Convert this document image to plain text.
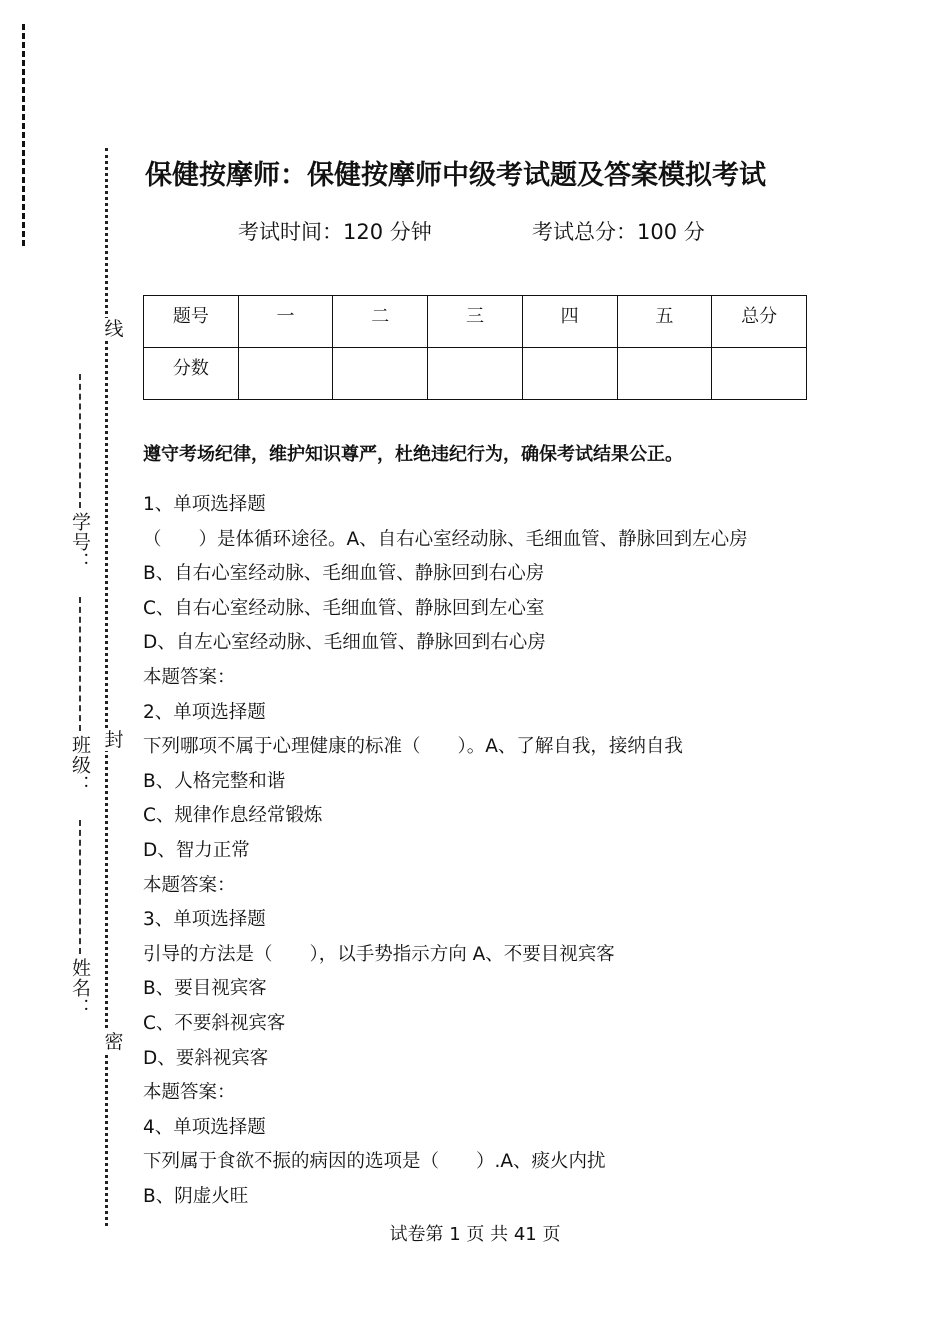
线
封
密
学号：
班级：
姓名：
保健按摩师：保健按摩师中级考试题及答案模拟考试
考试时间：120 分钟	考试总分：100 分
题号	一	二	三	四	五	总分
分数						
遵守考场纪律，维护知识尊严，杜绝违纪行为，确保考试结果公正。
1、单项选择题
（　　）是体循环途径。A、自右心室经动脉、毛细血管、静脉回到左心房
B、自右心室经动脉、毛细血管、静脉回到右心房
C、自右心室经动脉、毛细血管、静脉回到左心室
D、自左心室经动脉、毛细血管、静脉回到右心房
本题答案：
2、单项选择题
下列哪项不属于心理健康的标准（　　）。A、了解自我，接纳自我
B、人格完整和谐
C、规律作息经常锻炼
D、智力正常
本题答案：
3、单项选择题
引导的方法是（　　），以手势指示方向 A、不要目视宾客
B、要目视宾客
C、不要斜视宾客
D、要斜视宾客
本题答案：
4、单项选择题
下列属于食欲不振的病因的选项是（　　）.A、痰火内扰
B、阴虚火旺
试卷第 1 页 共 41 页
